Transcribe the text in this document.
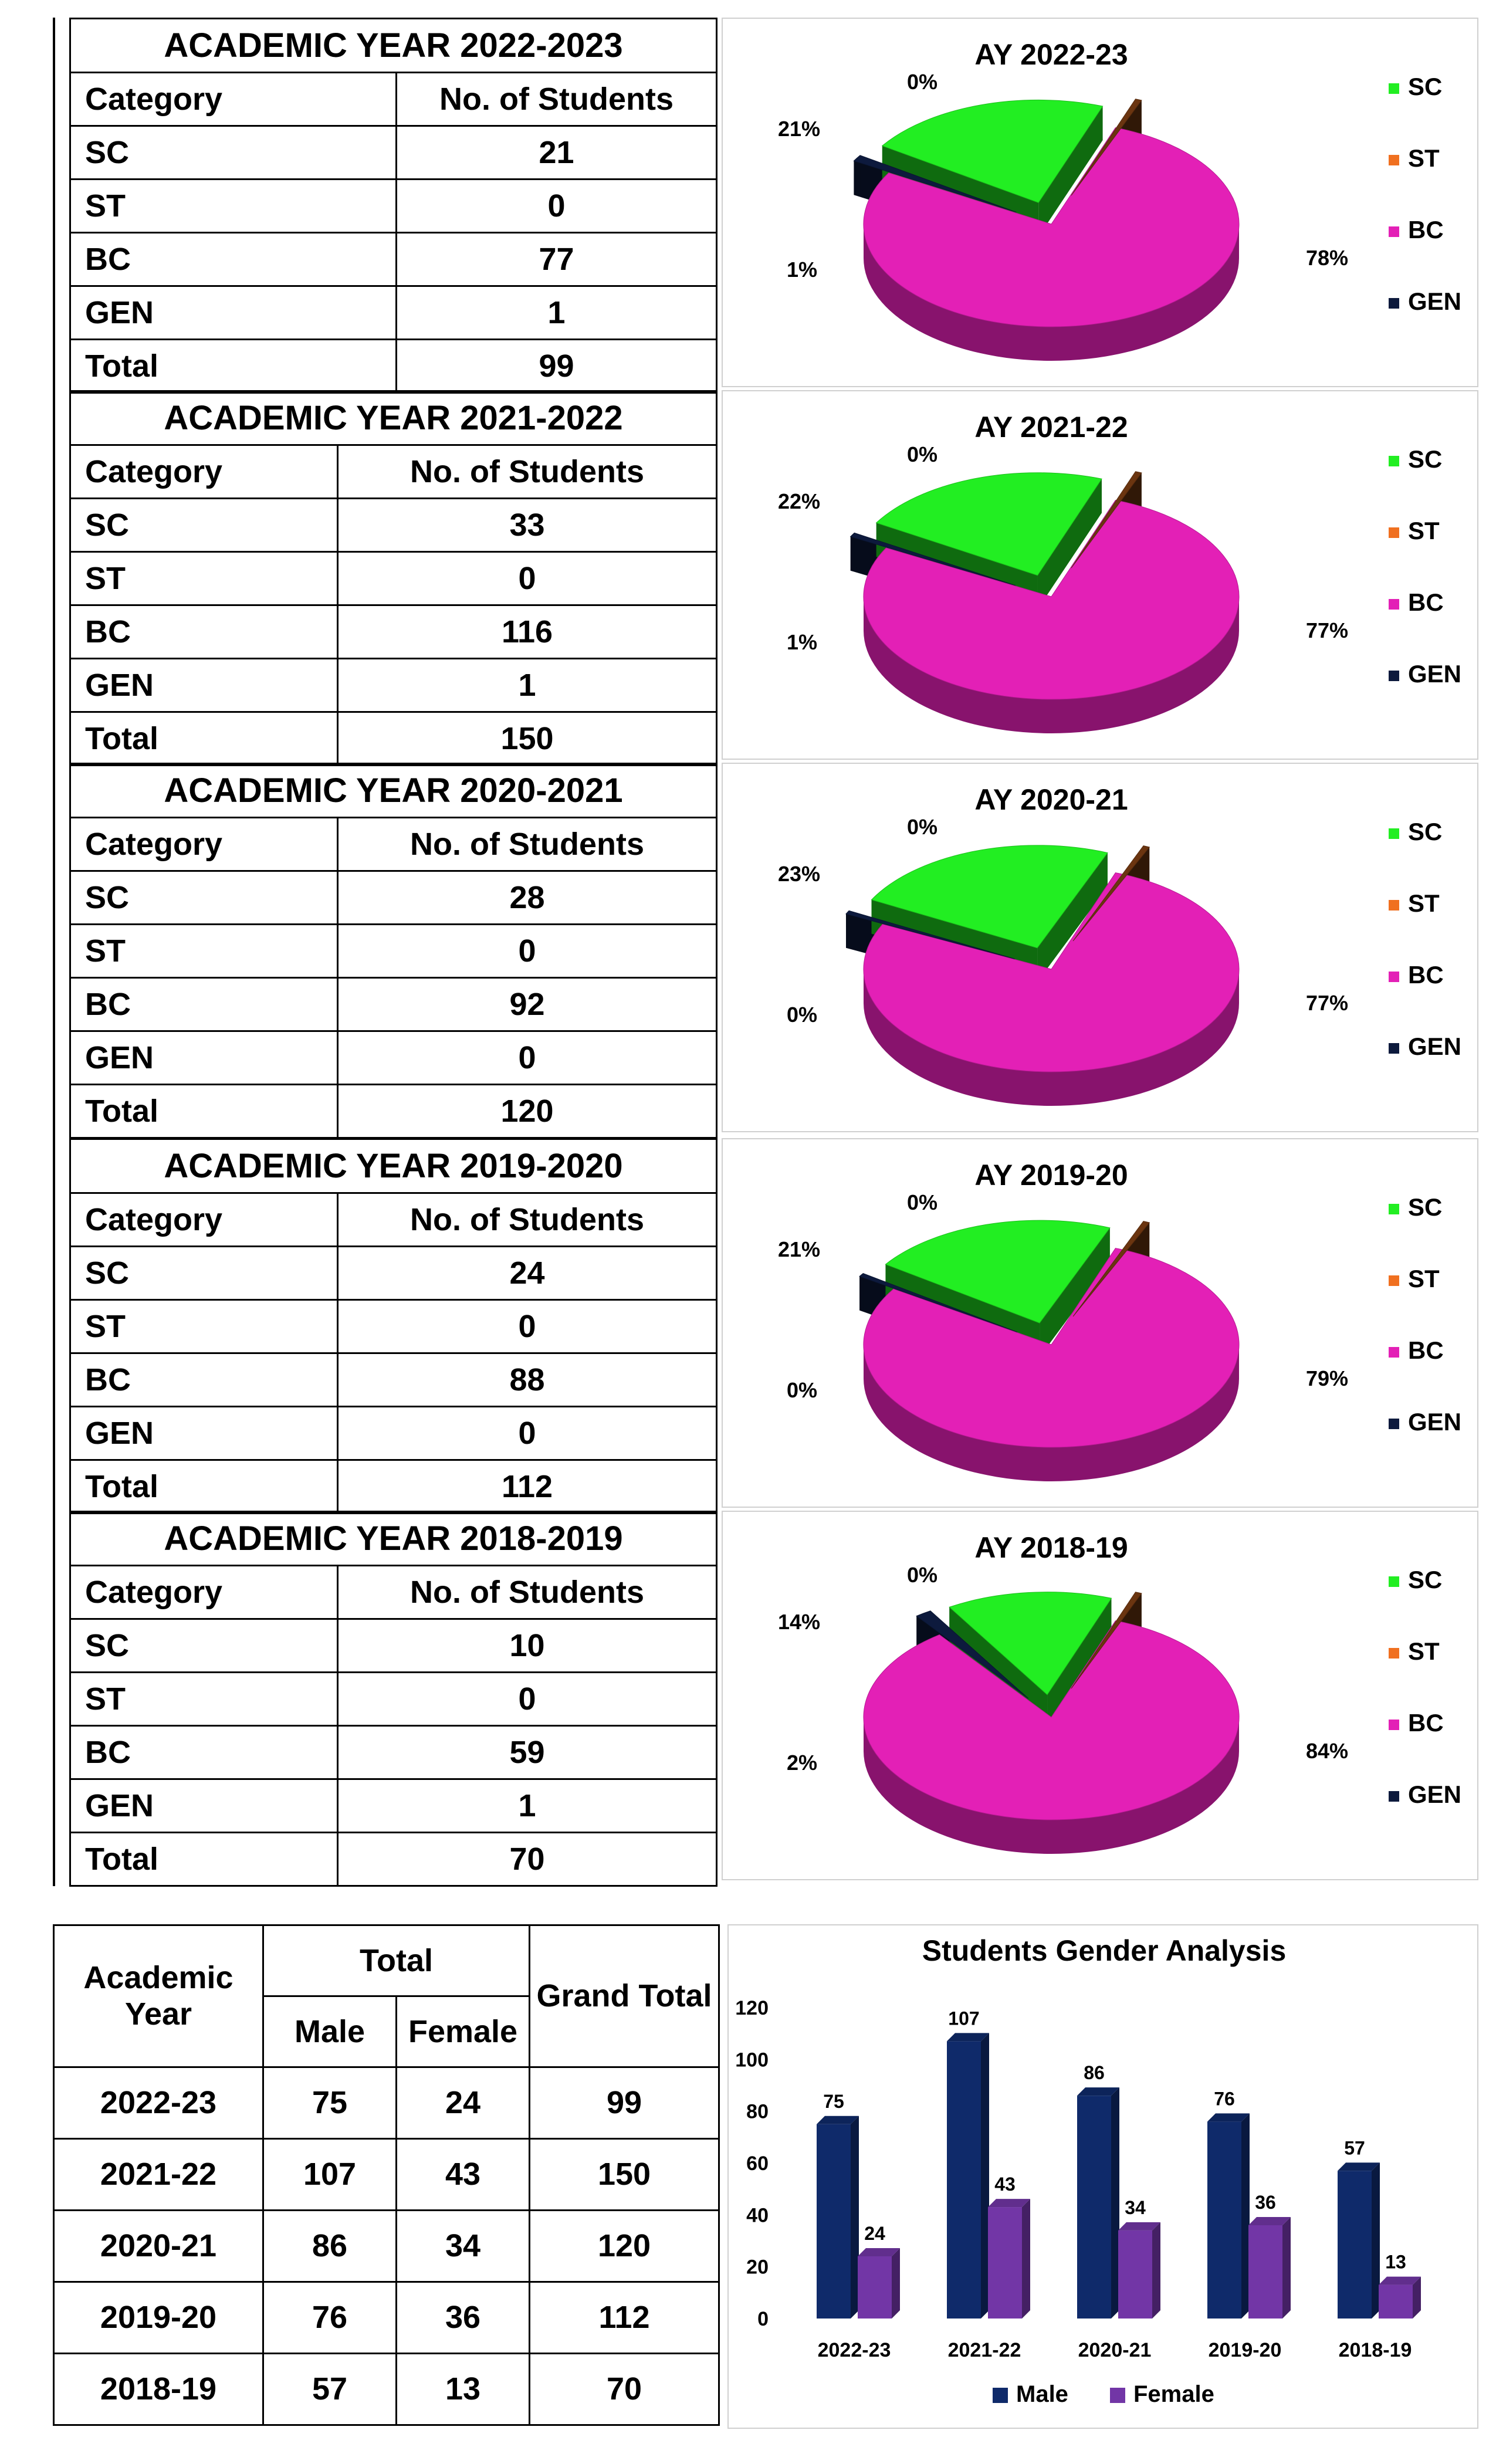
ACADEMIC YEAR 2022-2023	
Category	No. of Students
SC	21
ST	0
BC	77
GEN	1
Total	99
AY 2022-23
21%
0%
78%
1%
SC
ST
BC
GEN
ACADEMIC YEAR 2021-2022	
Category	No. of Students
SC	33
ST	0
BC	116
GEN	1
Total	150
AY 2021-22
22%
0%
77%
1%
SC
ST
BC
GEN
ACADEMIC YEAR 2020-2021	
Category	No. of Students
SC	28
ST	0
BC	92
GEN	0
Total	120
AY 2020-21
23%
0%
77%
0%
SC
ST
BC
GEN
ACADEMIC YEAR 2019-2020	
Category	No. of Students
SC	24
ST	0
BC	88
GEN	0
Total	112
AY 2019-20
21%
0%
79%
0%
SC
ST
BC
GEN
ACADEMIC YEAR 2018-2019	
Category	No. of Students
SC	10
ST	0
BC	59
GEN	1
Total	70
AY 2018-19
14%
0%
84%
2%
SC
ST
BC
GEN
Academic Year	Total		Grand Total
	Male	Female	
2022-23	75	24	99
2021-22	107	43	150
2020-21	86	34	120
2019-20	76	36	112
2018-19	57	13	70
Students Gender Analysis
0
20
40
60
80
100
120
75
24
2022-23
107
43
2021-22
86
34
2020-21
76
36
2019-20
57
13
2018-19
Male	Female
